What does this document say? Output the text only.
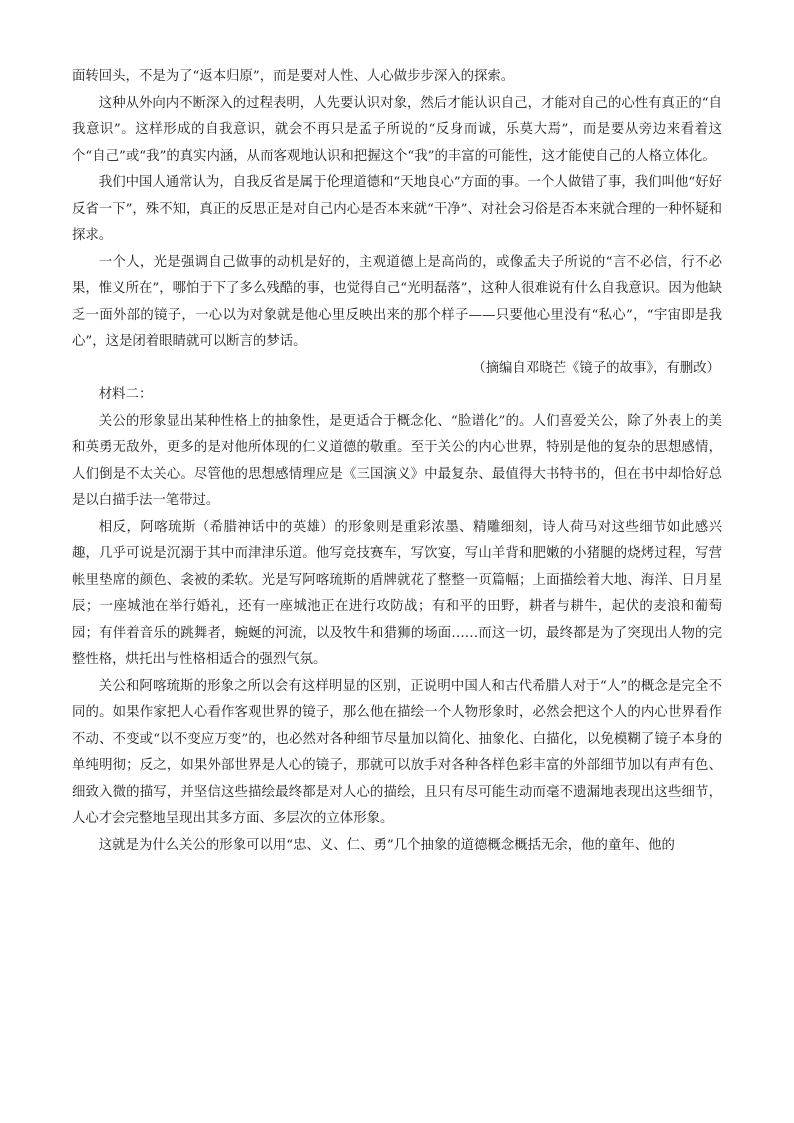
面转回头，不是为了“返本归原”，而是要对人性、人心做步步深入的探索。

这种从外向内不断深入的过程表明，人先要认识对象，然后才能认识自己，才能对自己的心性有真正的“自我意识”。这样形成的自我意识，就会不再只是孟子所说的“反身而诚，乐莫大焉”，而是要从旁边来看着这个“自己”或“我”的真实内涵，从而客观地认识和把握这个“我”的丰富的可能性，这才能使自己的人格立体化。

我们中国人通常认为，自我反省是属于伦理道德和“天地良心”方面的事。一个人做错了事，我们叫他“好好反省一下”，殊不知，真正的反思正是对自己内心是否本来就“干净”、对社会习俗是否本来就合理的一种怀疑和探求。

一个人，光是强调自己做事的动机是好的，主观道德上是高尚的，或像孟夫子所说的“言不必信，行不必果，惟义所在”，哪怕于下了多么残酷的事，也觉得自己“光明磊落”，这种人很难说有什么自我意识。因为他缺乏一面外部的镜子，一心以为对象就是他心里反映出来的那个样子——只要他心里没有“私心”，“宇宙即是我心”，这是闭着眼睛就可以断言的梦话。

（摘编自邓晓芒《镜子的故事》，有删改）

材料二：

关公的形象显出某种性格上的抽象性，是更适合于概念化、“脸谱化”的。人们喜爱关公，除了外表上的美和英勇无敌外，更多的是对他所体现的仁义道德的敬重。至于关公的内心世界，特别是他的复杂的思想感情，人们倒是不太关心。尽管他的思想感情理应是《三国演义》中最复杂、最值得大书特书的，但在书中却恰好总是以白描手法一笔带过。

相反，阿喀琉斯（希腊神话中的英雄）的形象则是重彩浓墨、精雕细刻，诗人荷马对这些细节如此感兴趣，几乎可说是沉溺于其中而津津乐道。他写竞技赛车，写饮宴，写山羊背和肥嫩的小猪腿的烧烤过程，写营帐里垫席的颜色、衾被的柔软。光是写阿喀琉斯的盾牌就花了整整一页篇幅；上面描绘着大地、海洋、日月星辰；一座城池在举行婚礼，还有一座城池正在进行攻防战；有和平的田野，耕者与耕牛，起伏的麦浪和葡萄园；有伴着音乐的跳舞者，蜿蜒的河流，以及牧牛和猎狮的场面……而这一切，最终都是为了突现出人物的完整性格，烘托出与性格相适合的强烈气氛。

关公和阿喀琉斯的形象之所以会有这样明显的区别，正说明中国人和古代希腊人对于“人”的概念是完全不同的。如果作家把人心看作客观世界的镜子，那么他在描绘一个人物形象时，必然会把这个人的内心世界看作不动、不变或“以不变应万变”的，也必然对各种细节尽量加以简化、抽象化、白描化，以免模糊了镜子本身的单纯明彻；反之，如果外部世界是人心的镜子，那就可以放手对各种各样色彩丰富的外部细节加以有声有色、细致入微的描写，并坚信这些描绘最终都是对人心的描绘，且只有尽可能生动而毫不遗漏地表现出这些细节，人心才会完整地呈现出其多方面、多层次的立体形象。

这就是为什么关公的形象可以用“忠、义、仁、勇”几个抽象的道德概念概括无余，他的童年、他的
